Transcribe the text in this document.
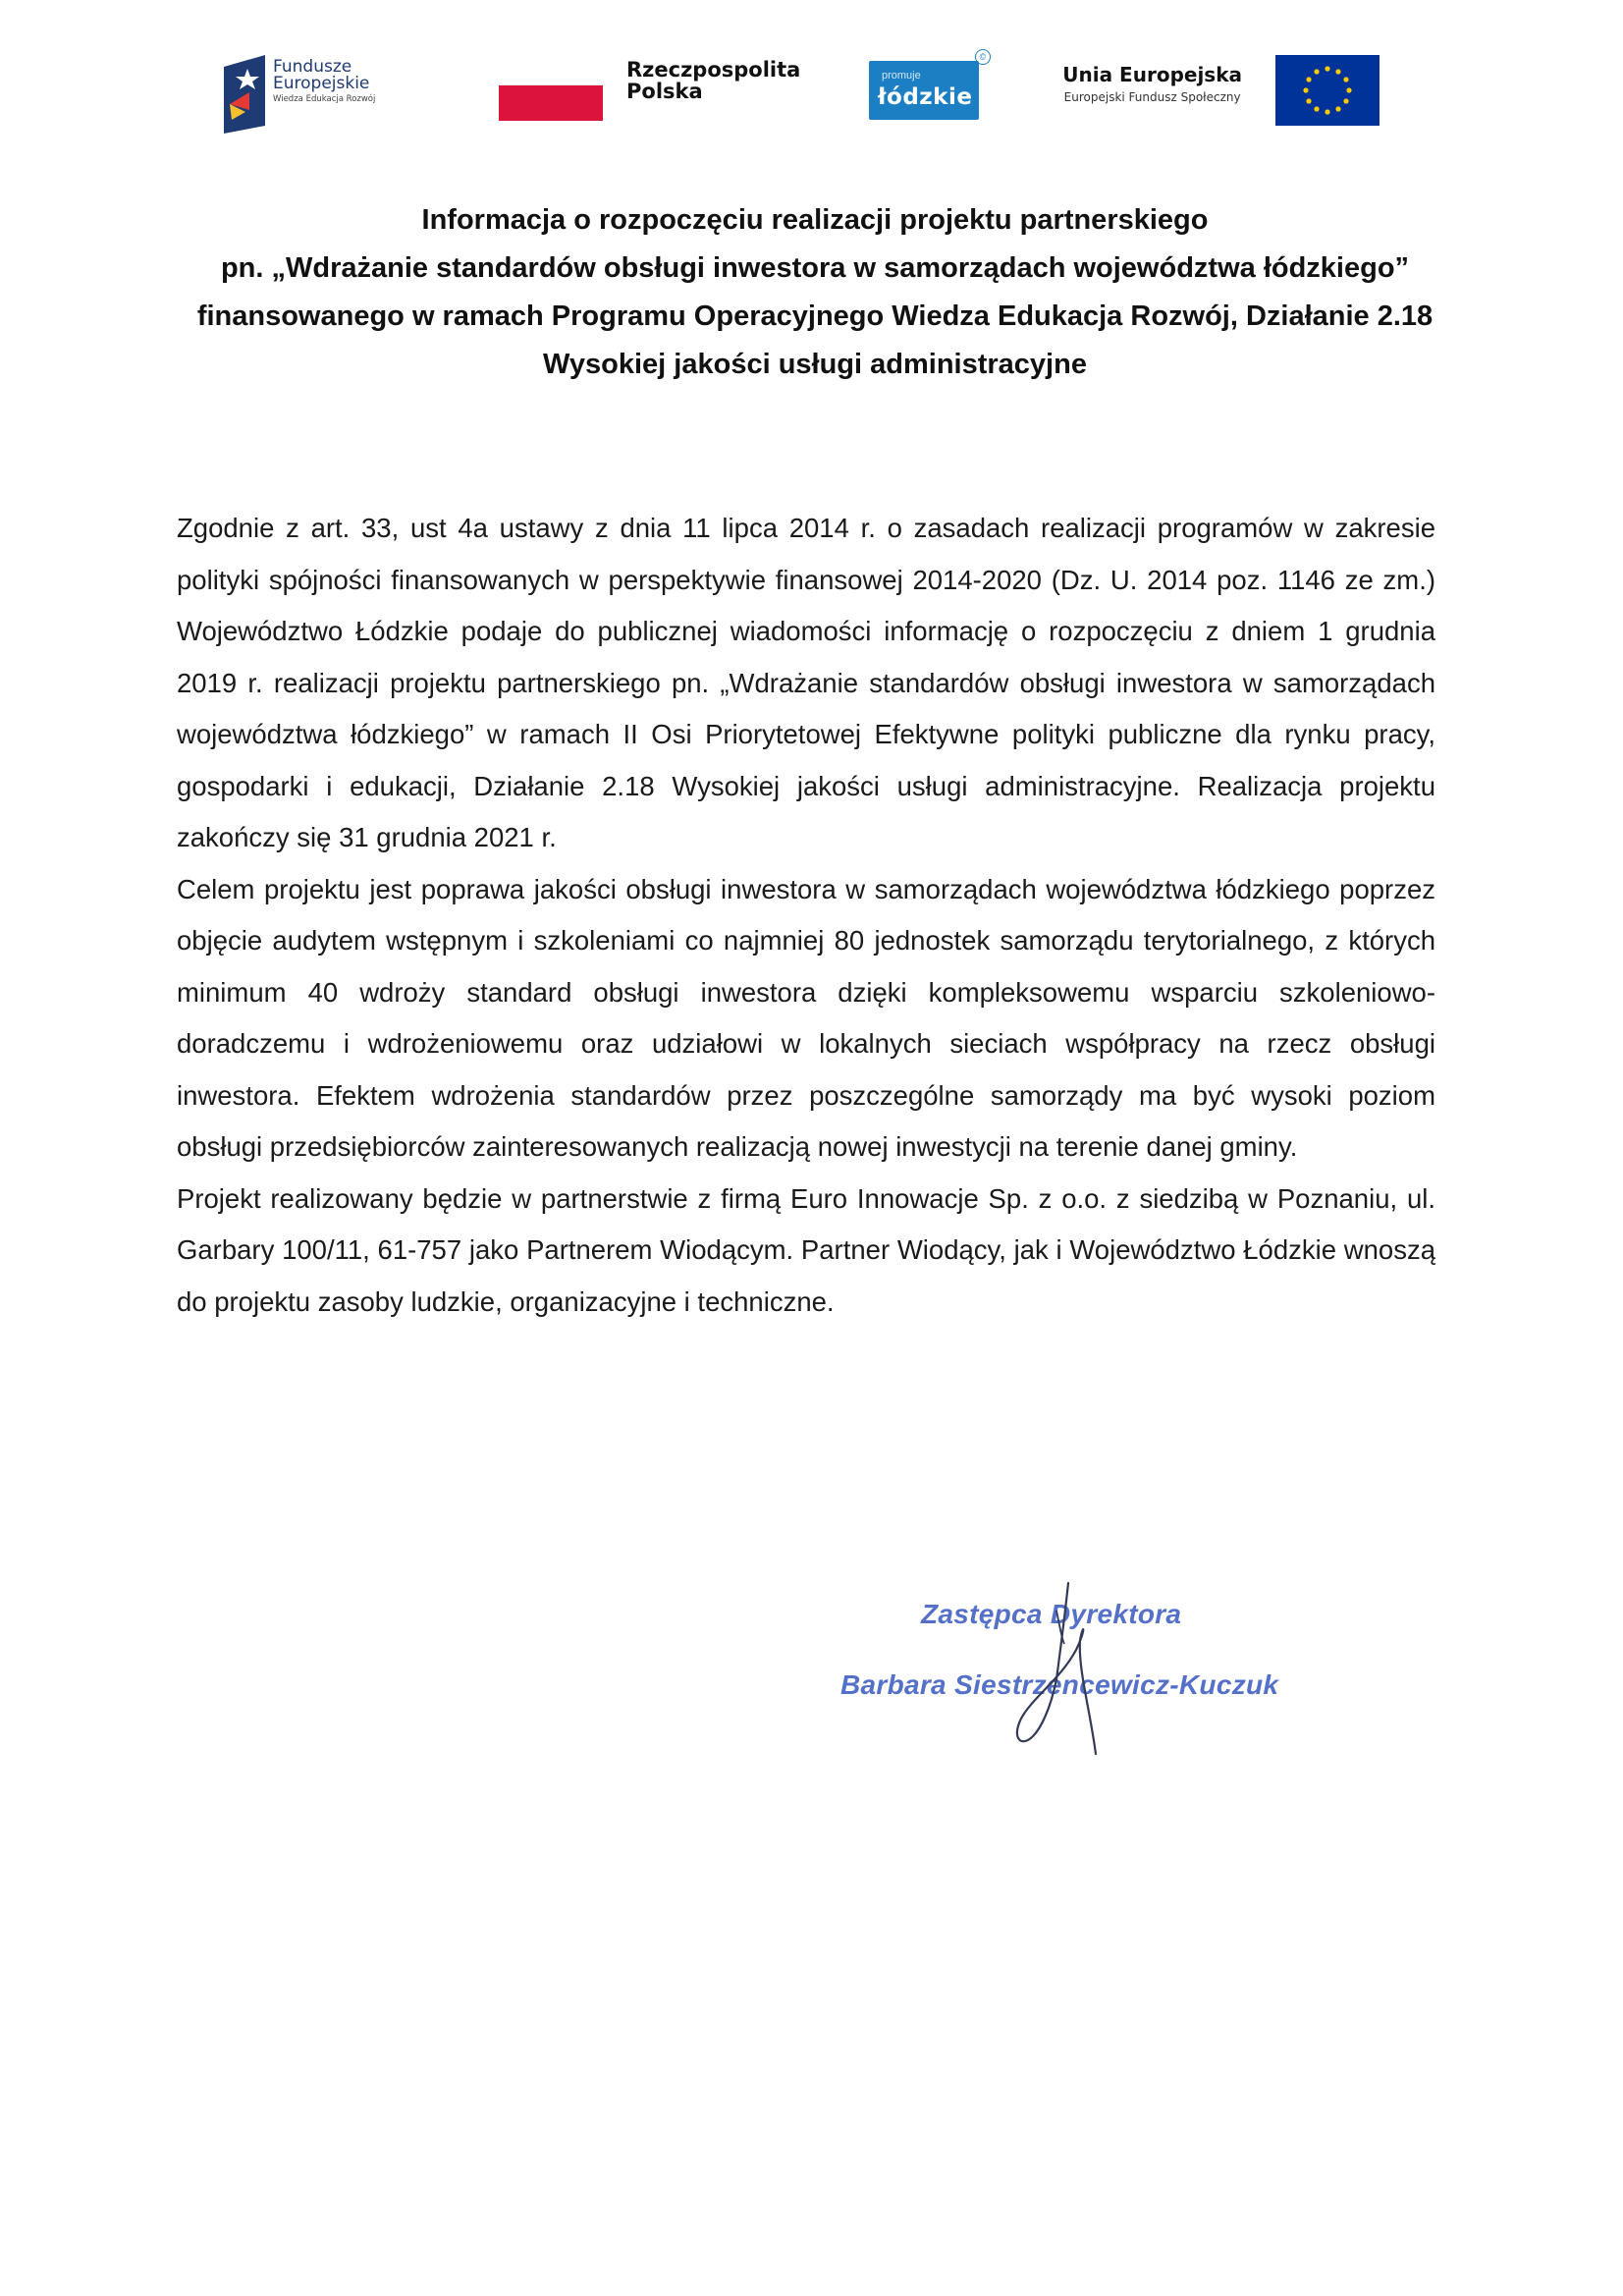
Fundusze
Europejskie
Wiedza Edukacja Rozwój
Rzeczpospolita
Polska
promuje
łódzkie
©
Unia Europejska
Europejski Fundusz Społeczny

Informacja o rozpoczęciu realizacji projektu partnerskiego

pn. „Wdrażanie standardów obsługi inwestora w samorządach województwa łódzkiego”

finansowanego w ramach Programu Operacyjnego Wiedza Edukacja Rozwój, Działanie 2.18

Wysokiej jakości usługi administracyjne

Zgodnie z art. 33, ust 4a ustawy z dnia 11 lipca 2014 r. o zasadach realizacji programów w zakresie polityki spójności finansowanych w perspektywie finansowej 2014-2020 (Dz. U. 2014 poz. 1146 ze zm.) Województwo Łódzkie podaje do publicznej wiadomości informację o rozpoczęciu z dniem 1 grudnia 2019 r. realizacji projektu partnerskiego pn. „Wdrażanie standardów obsługi inwestora w samorządach województwa łódzkiego” w ramach II Osi Priorytetowej Efektywne polityki publiczne dla rynku pracy, gospodarki i edukacji, Działanie 2.18 Wysokiej jakości usługi administracyjne. Realizacja projektu zakończy się 31 grudnia 2021 r.

Celem projektu jest poprawa jakości obsługi inwestora w samorządach województwa łódzkiego poprzez objęcie audytem wstępnym i szkoleniami co najmniej 80 jednostek samorządu terytorialnego, z których minimum 40 wdroży standard obsługi inwestora dzięki kompleksowemu wsparciu szkoleniowo-doradczemu i wdrożeniowemu oraz udziałowi w lokalnych sieciach współpracy na rzecz obsługi inwestora. Efektem wdrożenia standardów przez poszczególne samorządy ma być wysoki poziom obsługi przedsiębiorców zainteresowanych realizacją nowej inwestycji na terenie danej gminy.

Projekt realizowany będzie w partnerstwie z firmą Euro Innowacje Sp. z o.o. z siedzibą w Poznaniu, ul. Garbary 100/11, 61-757 jako Partnerem Wiodącym. Partner Wiodący, jak i Województwo Łódzkie wnoszą do projektu zasoby ludzkie, organizacyjne i techniczne.

Zastępca Dyrektora
Barbara Siestrzencewicz-Kuczuk
